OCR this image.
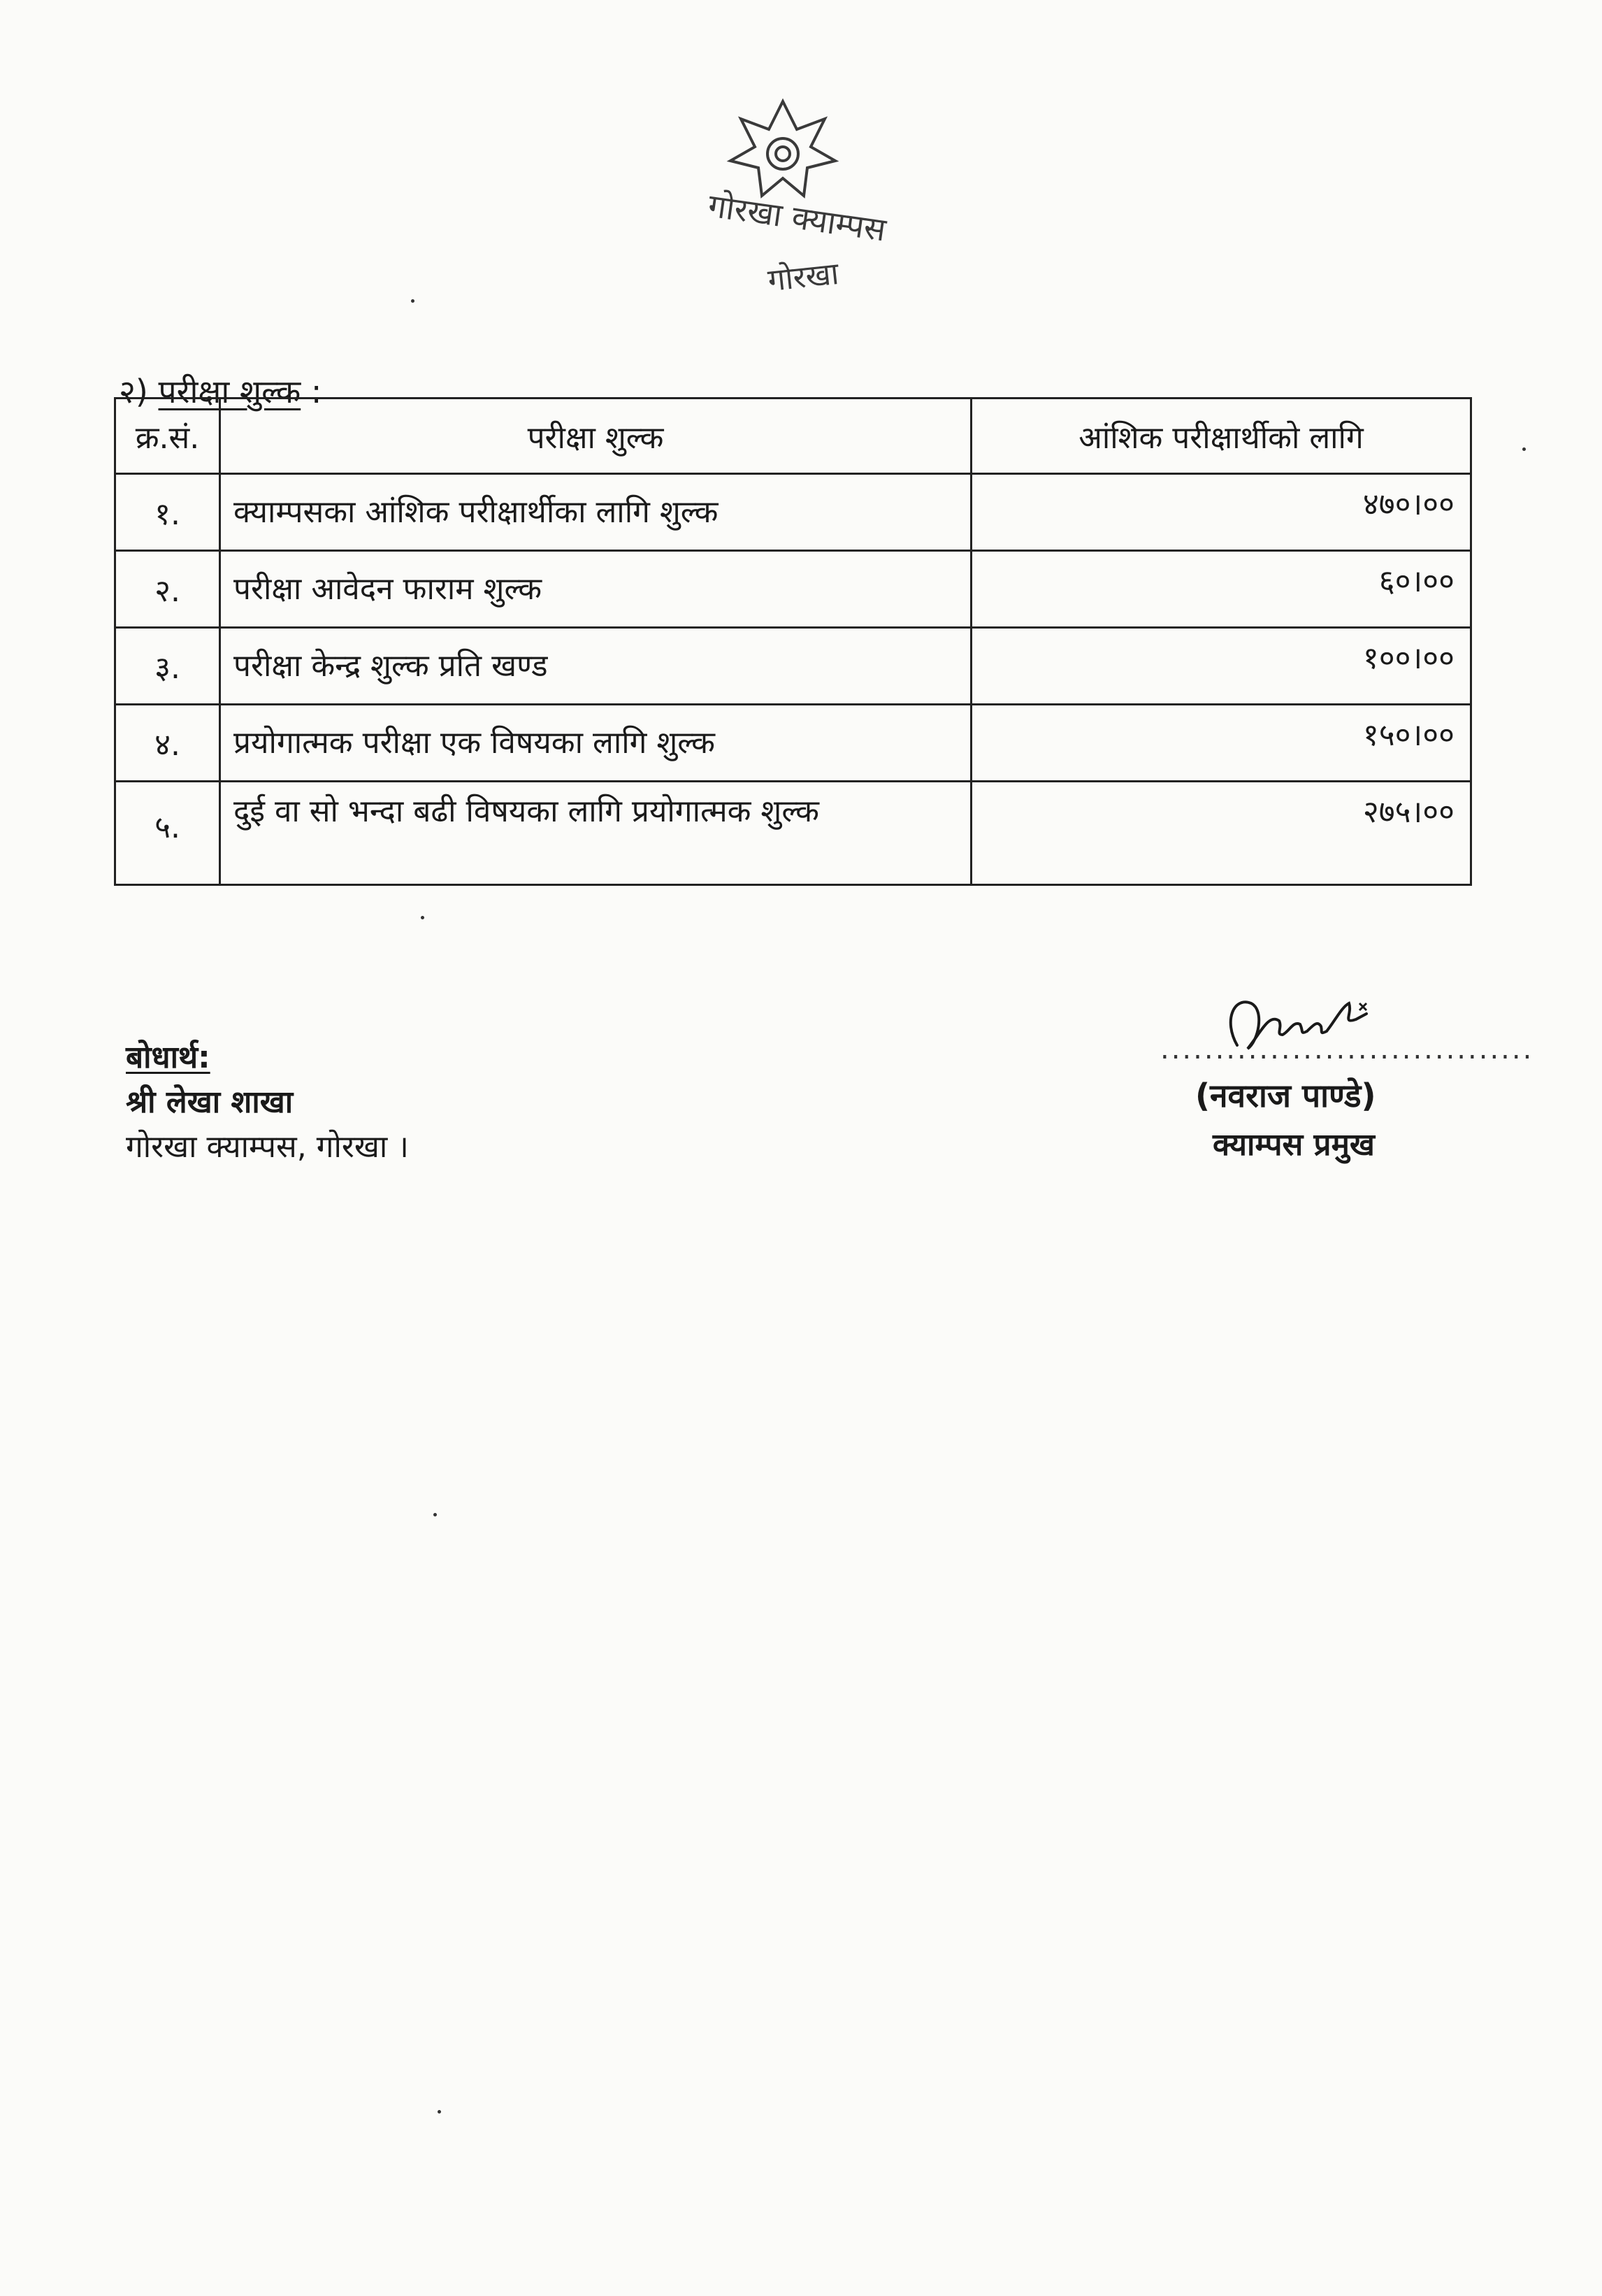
गोरखा क्याम्पस
गोरखा
२) परीक्षा शुल्क :
क्र.सं.	परीक्षा शुल्क	आंशिक परीक्षार्थीको लागि
१.	क्याम्पसका आंशिक परीक्षार्थीका लागि शुल्क	४७०।००
२.	परीक्षा आवेदन फाराम शुल्क	६०।००
३.	परीक्षा केन्द्र शुल्क प्रति खण्ड	१००।००
४.	प्रयोगात्मक परीक्षा एक विषयका लागि शुल्क	१५०।००
५.	दुई वा सो भन्दा बढी विषयका लागि प्रयोगात्मक शुल्क	२७५।००
बोधार्थ:
श्री लेखा शाखा
गोरखा क्याम्पस, गोरखा ।
..................................
(नवराज पाण्डे)
क्याम्पस प्रमुख
